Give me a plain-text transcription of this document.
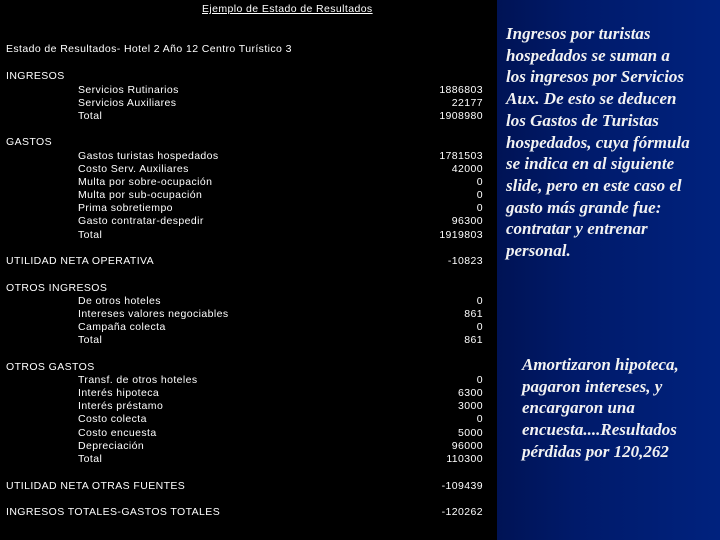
Ejemplo de Estado de Resultados
Estado de Resultados- Hotel 2 Año 12 Centro Turístico 3
INGRESOS
Servicios Rutinarios	1886803
Servicios Auxiliares	22177
Total	1908980
GASTOS
Gastos turistas hospedados	1781503
Costo Serv. Auxiliares	42000
Multa por sobre-ocupación	0
Multa por sub-ocupación	0
Prima sobretiempo	0
Gasto contratar-despedir	96300
Total	1919803
UTILIDAD NETA OPERATIVA	-10823
OTROS INGRESOS
De otros hoteles	0
Intereses valores negociables	861
Campaña colecta	0
Total	861
OTROS GASTOS
Transf. de otros hoteles	0
Interés hipoteca	6300
Interés préstamo	3000
Costo colecta	0
Costo encuesta	5000
Depreciación	96000
Total	110300
UTILIDAD NETA OTRAS FUENTES	-109439
INGRESOS TOTALES-GASTOS TOTALES	-120262
Ingresos por turistas
hospedados se suman a
los ingresos por Servicios
Aux. De esto se deducen
los Gastos de Turistas
hospedados, cuya fórmula
se indica en al siguiente
slide, pero en este caso el
gasto más grande fue:
contratar y entrenar
personal.
Amortizaron hipoteca,
pagaron intereses, y
encargaron una
encuesta....Resultados
pérdidas por 120,262
